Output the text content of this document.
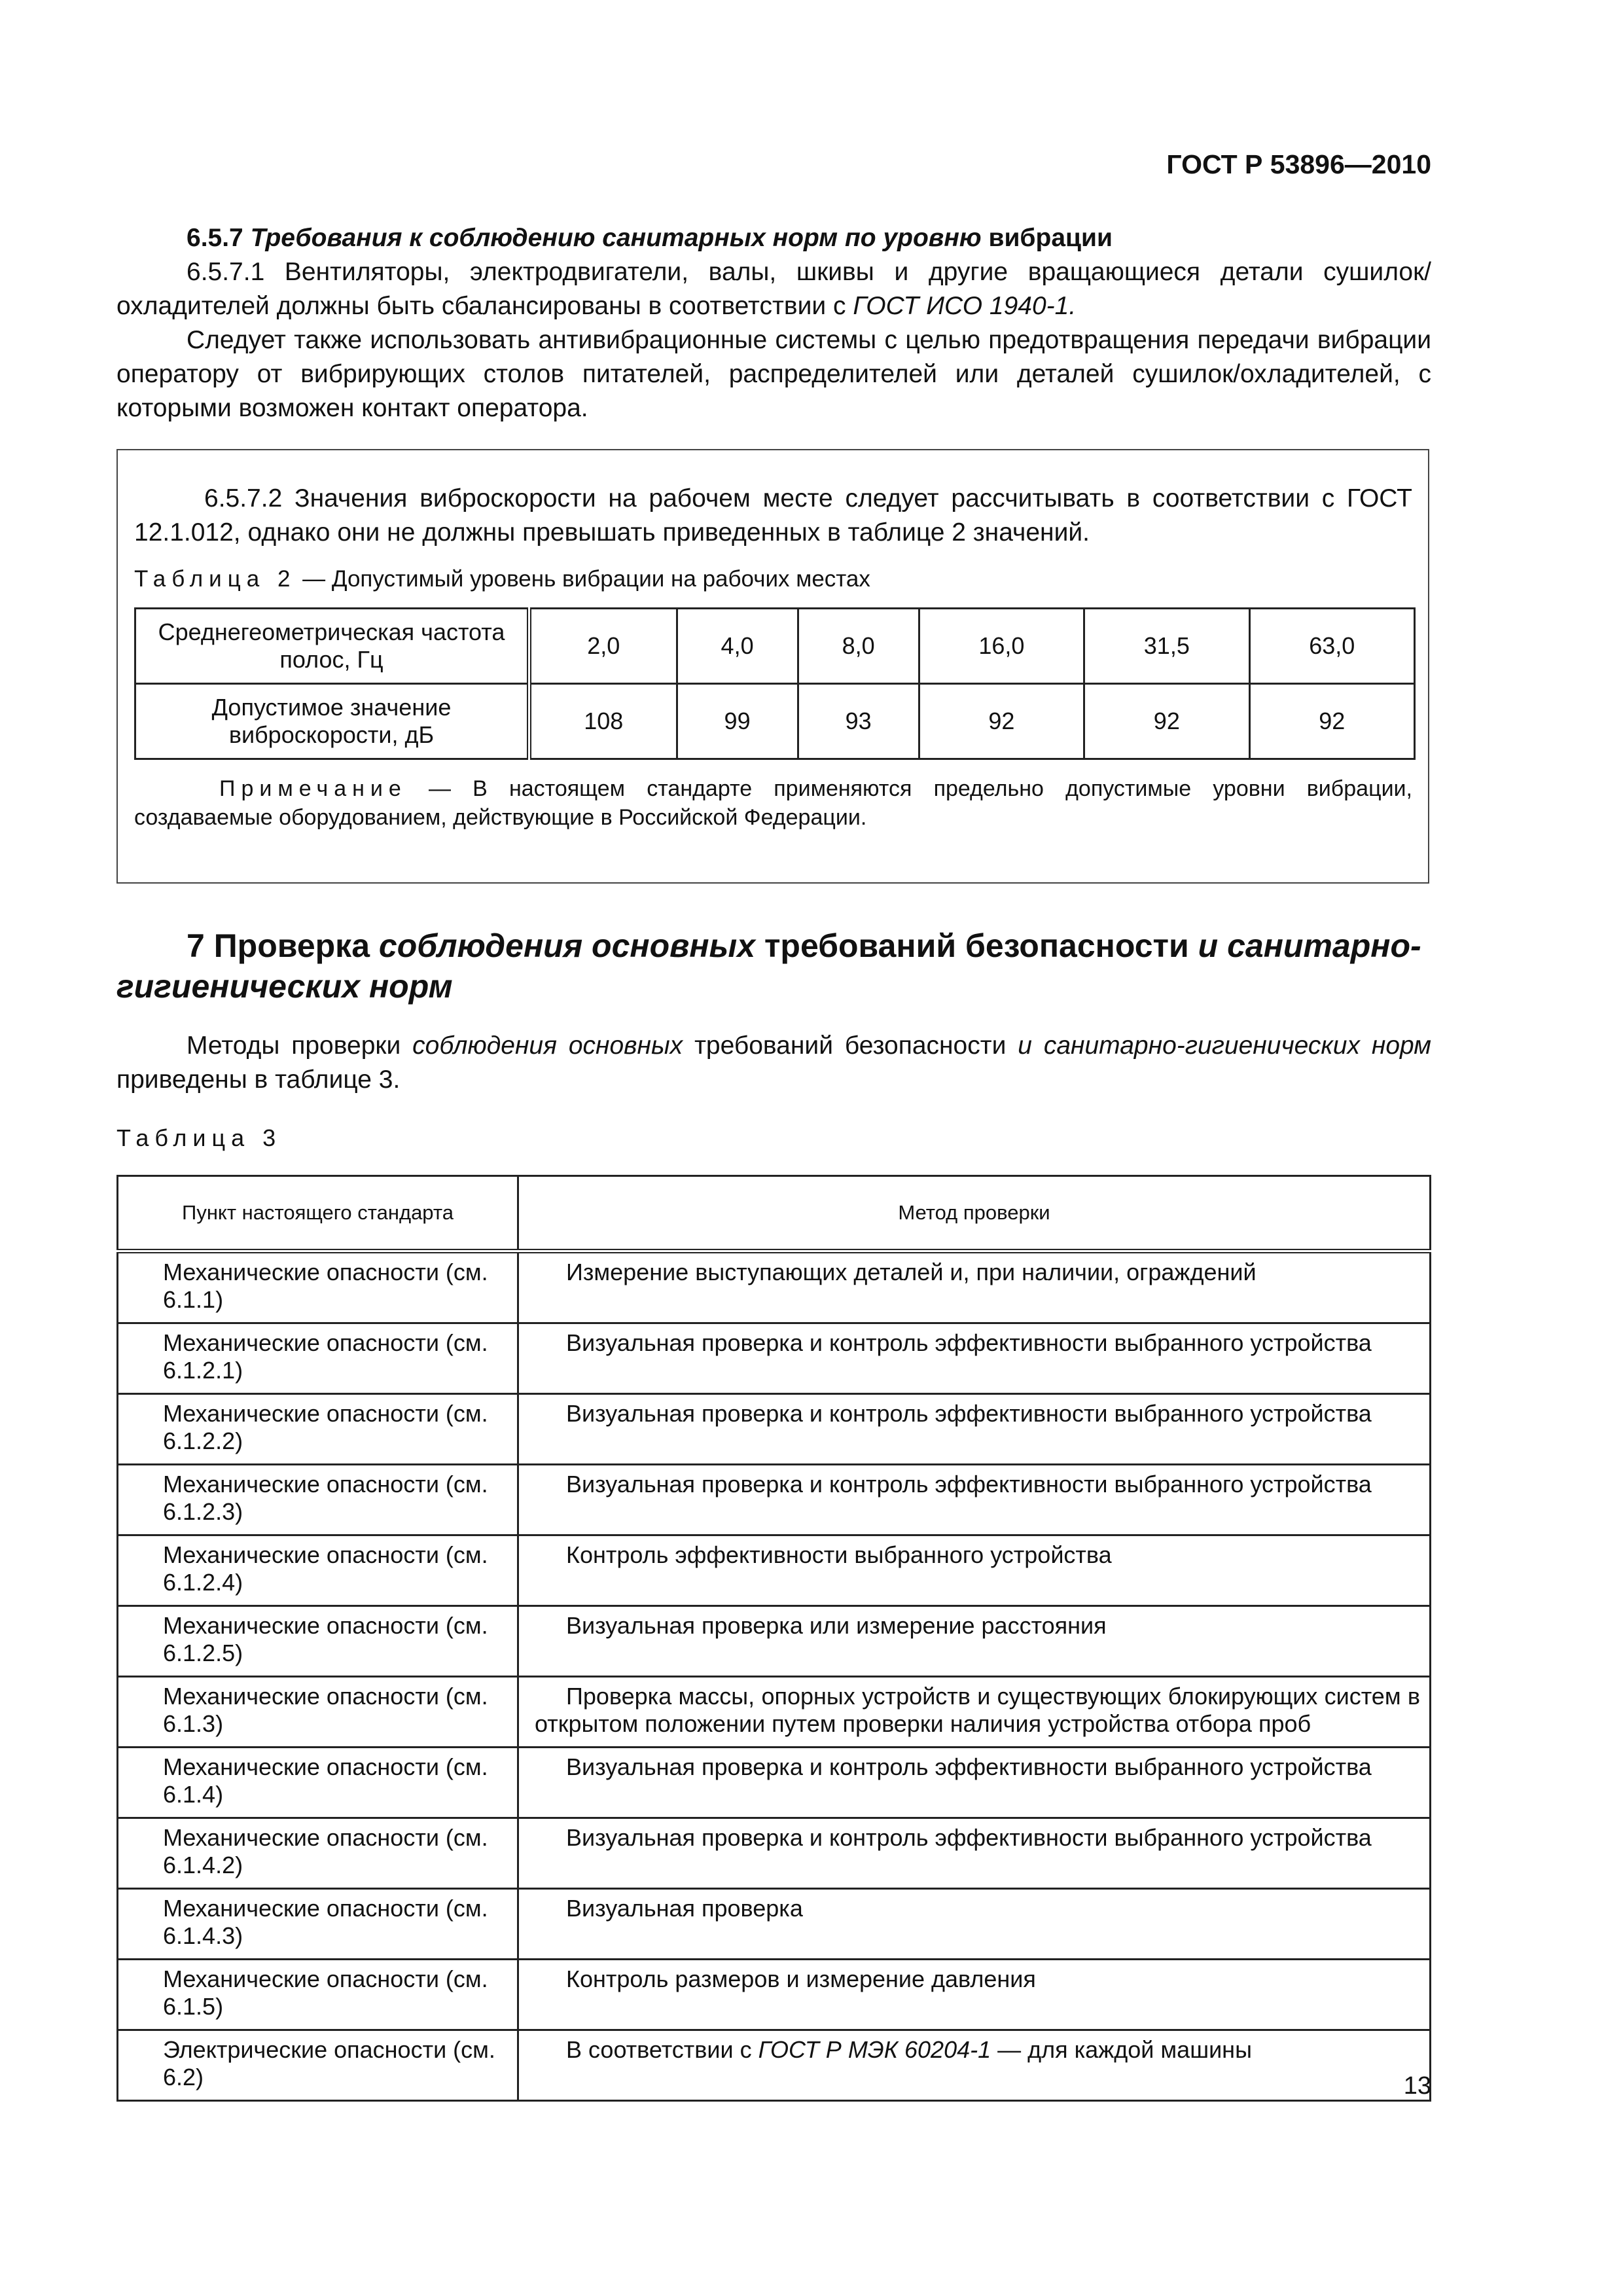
ГОСТ Р 53896—2010

6.5.7 Требования к соблюдению санитарных норм по уровню вибрации

6.5.7.1 Вентиляторы, электродвигатели, валы, шкивы и другие вращающиеся детали сушилок/охладителей должны быть сбалансированы в соответствии с ГОСТ ИСО 1940-1.

Следует также использовать антивибрационные системы с целью предотвращения передачи вибрации оператору от вибрирующих столов питателей, распределителей или деталей сушилок/охладителей, с которыми возможен контакт оператора.

6.5.7.2 Значения виброскорости на рабочем месте следует рассчитывать в соответствии с ГОСТ 12.1.012, однако они не должны превышать приведенных в таблице 2 значений.

Таблица 2 — Допустимый уровень вибрации на рабочих местах

Среднегеометрическая частота полос, Гц	2,0	4,0	8,0	16,0	31,5	63,0
Допустимое значение виброскорости, дБ	108	99	93	92	92	92

Примечание — В настоящем стандарте применяются предельно допустимые уровни вибрации, создаваемые оборудованием, действующие в Российской Федерации.

7 Проверка соблюдения основных требований безопасности и санитарно-гигиенических норм

Методы проверки соблюдения основных требований безопасности и санитарно-гигиенических норм приведены в таблице 3.

Таблица 3
Пункт настоящего стандарта	Метод проверки
Механические опасности (см. 6.1.1)	Измерение выступающих деталей и, при наличии, ограждений
Механические опасности (см. 6.1.2.1)	Визуальная проверка и контроль эффективности выбранного устройства
Механические опасности (см. 6.1.2.2)	Визуальная проверка и контроль эффективности выбранного устройства
Механические опасности (см. 6.1.2.3)	Визуальная проверка и контроль эффективности выбранного устройства
Механические опасности (см. 6.1.2.4)	Контроль эффективности выбранного устройства
Механические опасности (см. 6.1.2.5)	Визуальная проверка или измерение расстояния
Механические опасности (см. 6.1.3)	Проверка массы, опорных устройств и существующих блокирующих систем в открытом положении путем проверки наличия устройства отбора проб
Механические опасности (см. 6.1.4)	Визуальная проверка и контроль эффективности выбранного устройства
Механические опасности (см. 6.1.4.2)	Визуальная проверка и контроль эффективности выбранного устройства
Механические опасности (см. 6.1.4.3)	Визуальная проверка
Механические опасности (см. 6.1.5)	Контроль размеров и измерение давления
Электрические опасности (см. 6.2)	В соответствии с ГОСТ Р МЭК 60204-1 — для каждой машины
13
